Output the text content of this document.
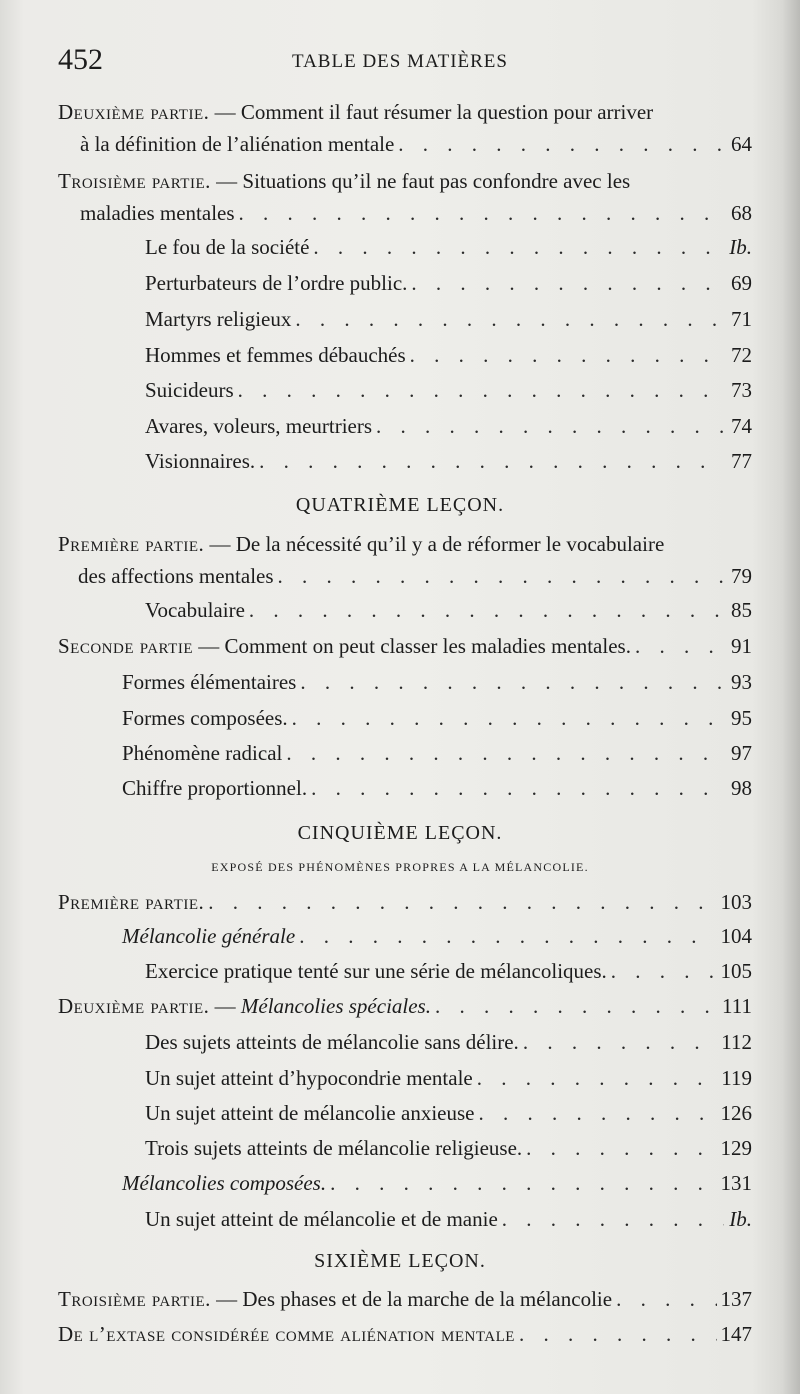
452	TABLE DES MATIÈRES
Deuxième partie. — Comment il faut résumer la question pour arriver
à la définition de l’aliénation mentale . . .	64
Troisième partie. — Situations qu’il ne faut pas confondre avec les
maladies mentales . . .	68
Le fou de la société . . .	Ib.
Perturbateurs de l’ordre public. . . .	69
Martyrs religieux . . .	71
Hommes et femmes débauchés . . .	72
Suicideurs . . .	73
Avares, voleurs, meurtriers . . .	74
Visionnaires. . . .	77
QUATRIÈME LEÇON.
Première partie. — De la nécessité qu’il y a de réformer le vocabulaire
des affections mentales . . .	79
Vocabulaire . . .	85
Seconde partie — Comment on peut classer les maladies mentales. . . .	91
Formes élémentaires . . .	93
Formes composées. . . .	95
Phénomène radical . . .	97
Chiffre proportionnel. . . .	98
CINQUIÈME LEÇON.
EXPOSÉ DES PHÉNOMÈNES PROPRES A LA MÉLANCOLIE.
Première partie. . . .	103
Mélancolie générale . . .	104
Exercice pratique tenté sur une série de mélancoliques. . . .	105
Deuxième partie. — Mélancolies spéciales. . . .	111
Des sujets atteints de mélancolie sans délire. . . .	112
Un sujet atteint d’hypocondrie mentale . . .	119
Un sujet atteint de mélancolie anxieuse . . .	126
Trois sujets atteints de mélancolie religieuse. . . .	129
Mélancolies composées. . . .	131
Un sujet atteint de mélancolie et de manie . . .	Ib.
SIXIÈME LEÇON.
Troisième partie. — Des phases et de la marche de la mélancolie . . .	137
De l’extase considérée comme aliénation mentale . . .	147
